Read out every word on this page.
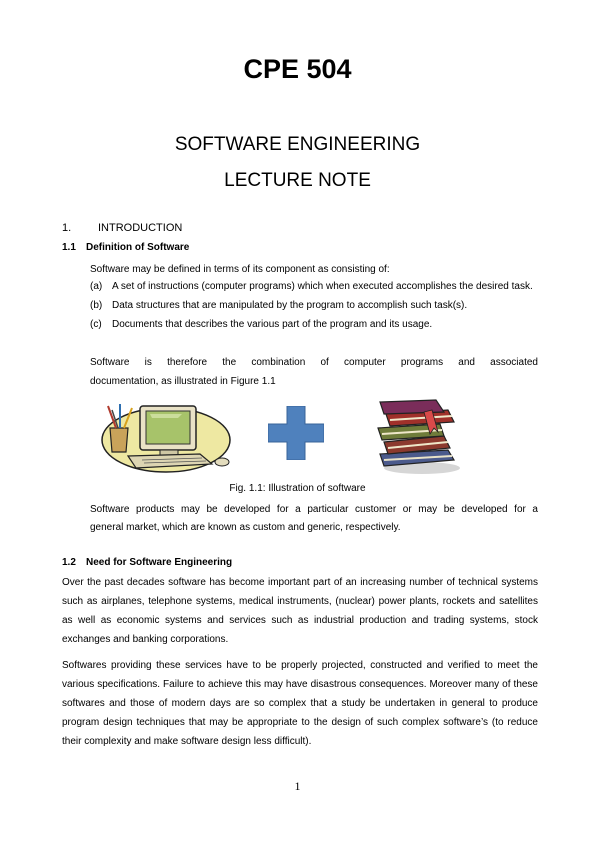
CPE 504
SOFTWARE ENGINEERING
LECTURE NOTE
1. INTRODUCTION
1.1 Definition of Software
Software may be defined in terms of its component as consisting of:
(a) A set of instructions (computer programs) which when executed accomplishes the desired task.
(b) Data structures that are manipulated by the program to accomplish such task(s).
(c)	Documents that describes the various part of the program and its usage.
Software is therefore the combination of computer programs and associated
documentation, as illustrated in Figure 1.1
Fig. 1.1: Illustration of software
Software products may be developed for a particular customer or may be developed for a
general market, which are known as custom and generic, respectively.
1.2 Need for Software Engineering
Over the past decades software has become important part of an increasing number of technical systems such as airplanes, telephone systems, medical instruments, (nuclear) power plants, rockets and satellites as well as economic systems and services such as industrial production and trading systems, stock exchanges and banking corporations.
Softwares providing these services have to be properly projected, constructed and verified to meet the various specifications. Failure to achieve this may have disastrous consequences. Moreover many of these softwares and those of modern days are so complex that a study be undertaken in general to produce program design techniques that may be appropriate to the design of such complex software’s (to reduce their complexity and make software design less difficult).
1
